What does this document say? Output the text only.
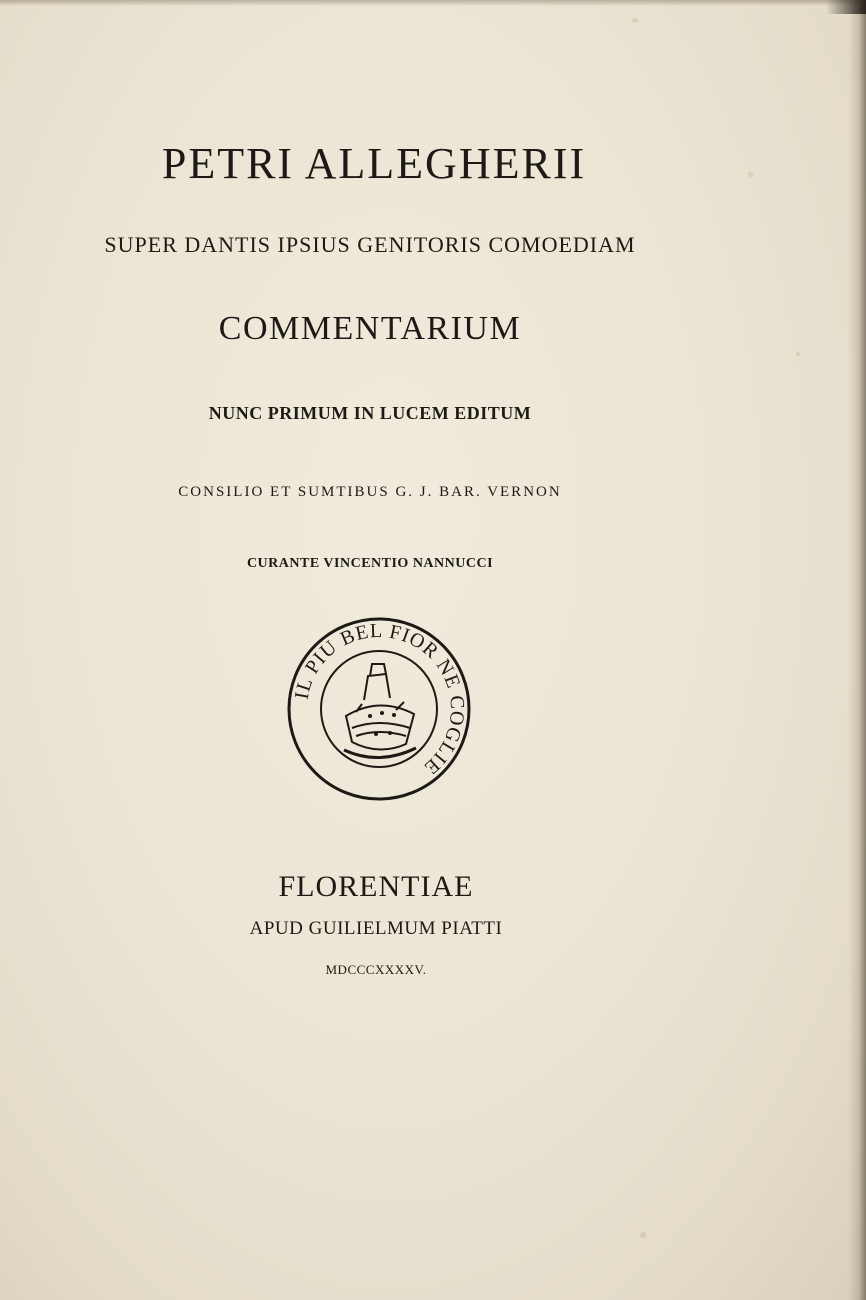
PETRI ALLEGHERII
SUPER DANTIS IPSIUS GENITORIS COMOEDIAM
COMMENTARIUM
NUNC PRIMUM IN LUCEM EDITUM
CONSILIO ET SUMTIBUS G. J. BAR. VERNON
CURANTE VINCENTIO NANNUCCI
IL PIU BEL FIOR NE COGLIE
FLORENTIAE
APUD GUILIELMUM PIATTI
MDCCCXXXXV.
